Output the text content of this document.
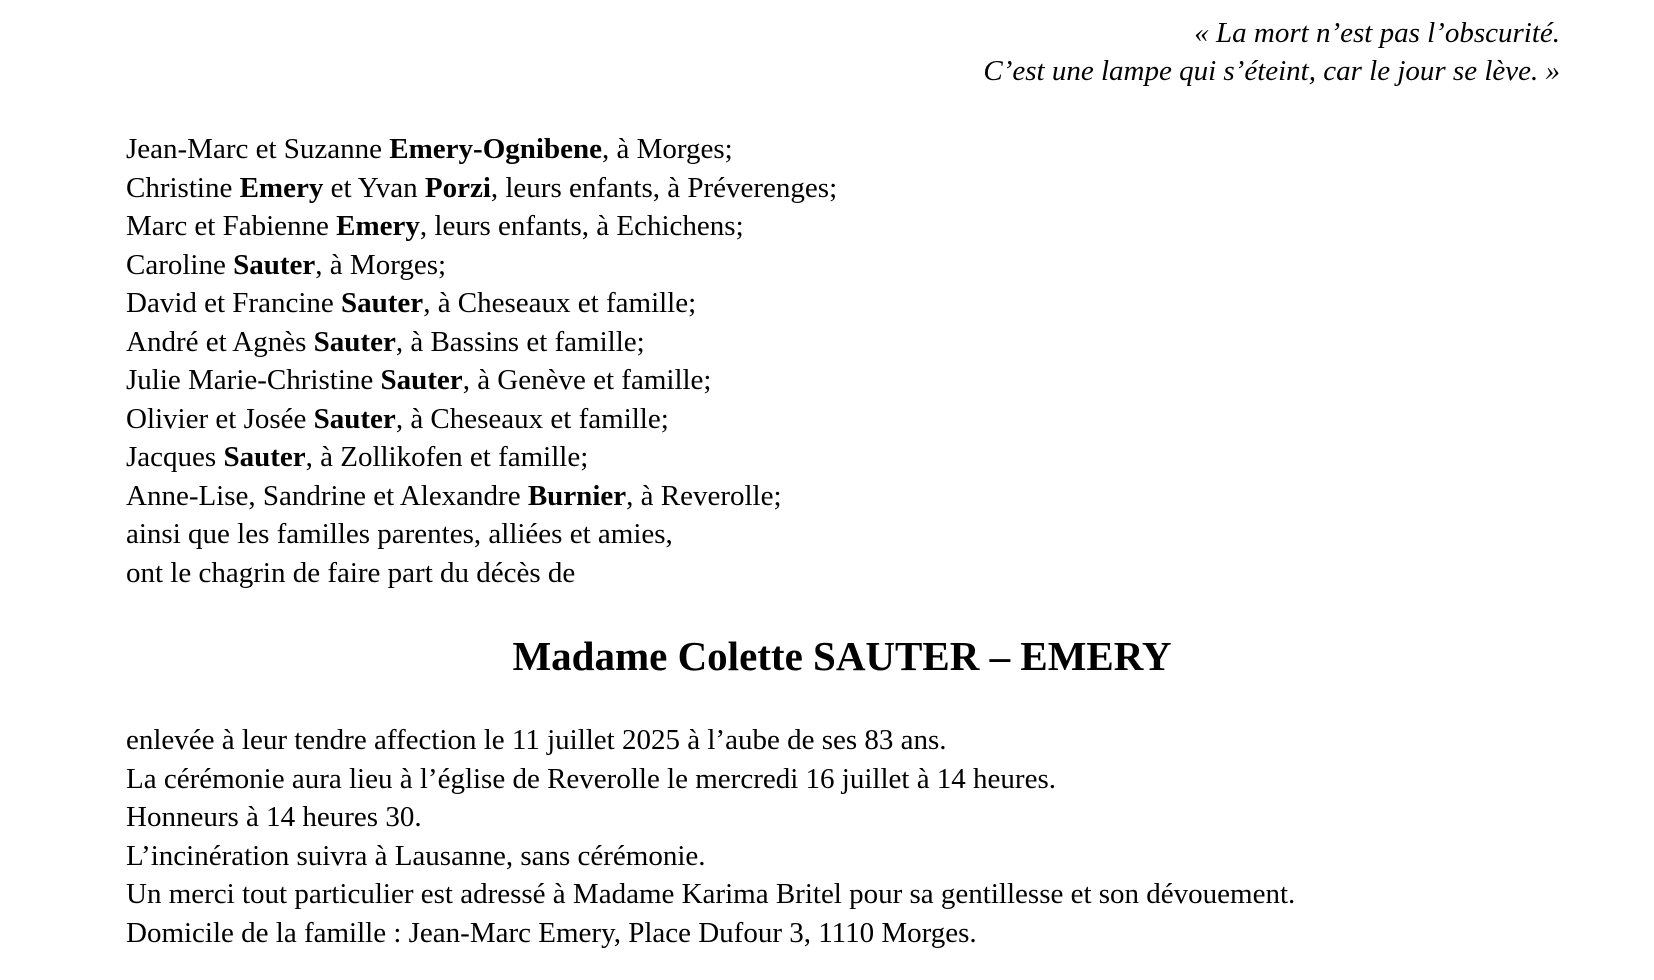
« La mort n’est pas l’obscurité.
C’est une lampe qui s’éteint, car le jour se lève. »
Jean-Marc et Suzanne Emery-Ognibene, à Morges;
Christine Emery et Yvan Porzi, leurs enfants, à Préverenges;
Marc et Fabienne Emery, leurs enfants, à Echichens;
Caroline Sauter, à Morges;
David et Francine Sauter, à Cheseaux et famille;
André et Agnès Sauter, à Bassins et famille;
Julie Marie-Christine Sauter, à Genève et famille;
Olivier et Josée Sauter, à Cheseaux et famille;
Jacques Sauter, à Zollikofen et famille;
Anne-Lise, Sandrine et Alexandre Burnier, à Reverolle;
ainsi que les familles parentes, alliées et amies,
ont le chagrin de faire part du décès de
Madame Colette SAUTER – EMERY
enlevée à leur tendre affection le 11 juillet 2025 à l’aube de ses 83 ans.
La cérémonie aura lieu à l’église de Reverolle le mercredi 16 juillet à 14 heures.
Honneurs à 14 heures 30.
L’incinération suivra à Lausanne, sans cérémonie.
Un merci tout particulier est adressé à Madame Karima Britel pour sa gentillesse et son dévouement.
Domicile de la famille : Jean-Marc Emery, Place Dufour 3, 1110 Morges.
